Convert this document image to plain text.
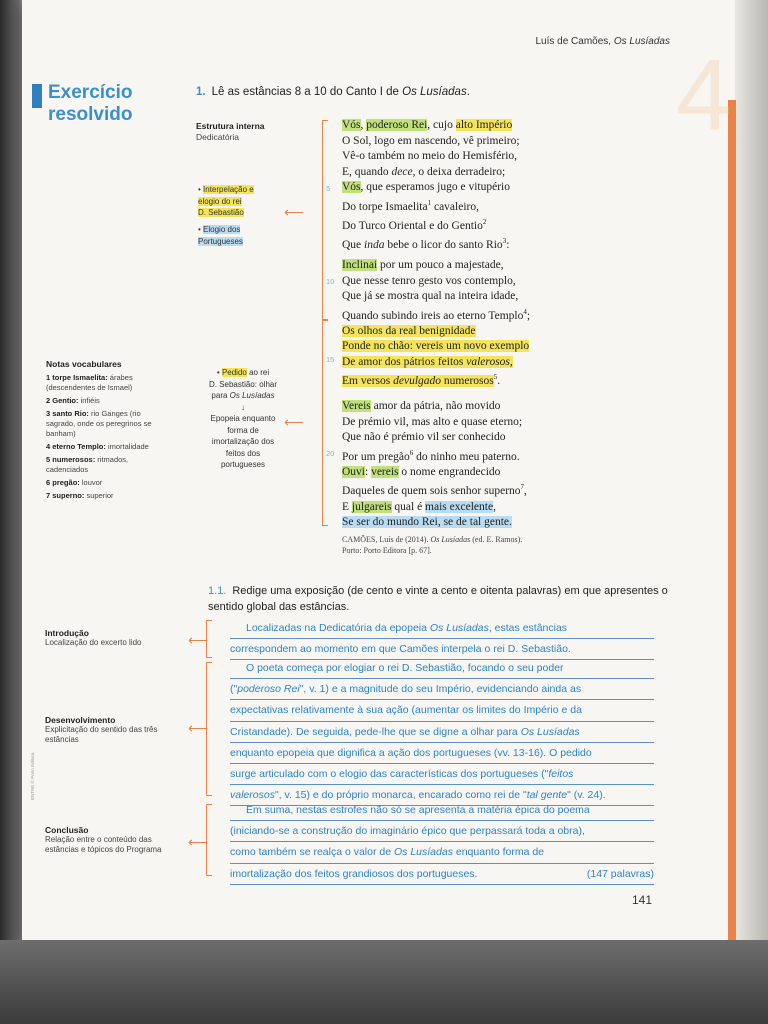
4
Luís de Camões, Os Lusíadas
Exercício
resolvido
1. Lê as estâncias 8 a 10 do Canto I de Os Lusíadas.
Estrutura interna
Dedicatória
• Interpelação e
elogio do rei
D. Sebastião
• Elogio dos
Portugueses
⟵
• Pedido ao rei
D. Sebastião: olhar
para Os Lusíadas
↓
Epopeia enquanto
forma de
imortalização dos
feitos dos
portugueses
⟵
Vós, poderoso Rei, cujo alto Império
O Sol, logo em nascendo, vê primeiro;
Vê-o também no meio do Hemisfério,
E, quando dece, o deixa derradeiro;
Vós, que esperamos jugo e vitupério
Do torpe Ismaelita$^1$ cavaleiro,
Do Turco Oriental e do Gentio$^2$
Que inda bebe o licor do santo Rio$^3$:
Inclinai por um pouco a majestade,
Que nesse tenro gesto vos contemplo,
Que já se mostra qual na inteira idade,
Quando subindo ireis ao eterno Templo$^4$;
Os olhos da real benignidade
Ponde no chão: vereis um novo exemplo
De amor dos pátrios feitos valerosos,
Em versos devulgado numerosos$^5$.
Vereis amor da pátria, não movido
De prémio vil, mas alto e quase eterno;
Que não é prémio vil ser conhecido
Por um pregão$^6$ do ninho meu paterno.
Ouvi: vereis o nome engrandecido
Daqueles de quem sois senhor superno$^7$,
E julgareis qual é mais excelente,
Se ser do mundo Rei, se de tal gente.
5
10
15
20
CAMÕES, Luís de (2014). Os Lusíadas (ed. E. Ramos).
Porto: Porto Editora [p. 67].
Notas vocabulares
1 torpe Ismaelita: árabes (descendentes de Ismael)
2 Gentio: infiéis
3 santo Rio: rio Ganges (rio sagrado, onde os peregrinos se banham)
4 eterno Templo: imortalidade
5 numerosos: ritmados, cadenciados
6 pregão: louvor
7 superno: superior
1.1. Redige uma exposição (de cento e vinte a cento e oitenta palavras) em que apresentes o sentido global das estâncias.
Localizadas na Dedicatória da epopeia Os Lusíadas, estas estâncias
correspondem ao momento em que Camões interpela o rei D. Sebastião.
O poeta começa por elogiar o rei D. Sebastião, focando o seu poder
("poderoso Rei", v. 1) e a magnitude do seu Império, evidenciando ainda as
expectativas relativamente à sua ação (aumentar os limites do Império e da
Cristandade). De seguida, pede-lhe que se digne a olhar para Os Lusíadas
enquanto epopeia que dignifica a ação dos portugueses (vv. 13-16). O pedido
surge articulado com o elogio das características dos portugueses ("feitos
valerosos", v. 15) e do próprio monarca, encarado como rei de "tal gente" (v. 24).
Em suma, nestas estrofes não só se apresenta a matéria épica do poema
(iniciando-se a construção do imaginário épico que perpassará toda a obra),
como também se realça o valor de Os Lusíadas enquanto forma de
imortalização dos feitos grandiosos dos portugueses.	(147 palavras)
⟵
⟵
⟵
Introdução
Localização do excerto lido
Desenvolvimento
Explicitação do sentido das três estâncias
Conclusão
Relação entre o conteúdo das estâncias e tópicos do Programa
ENTRE © Porto Editora
141
